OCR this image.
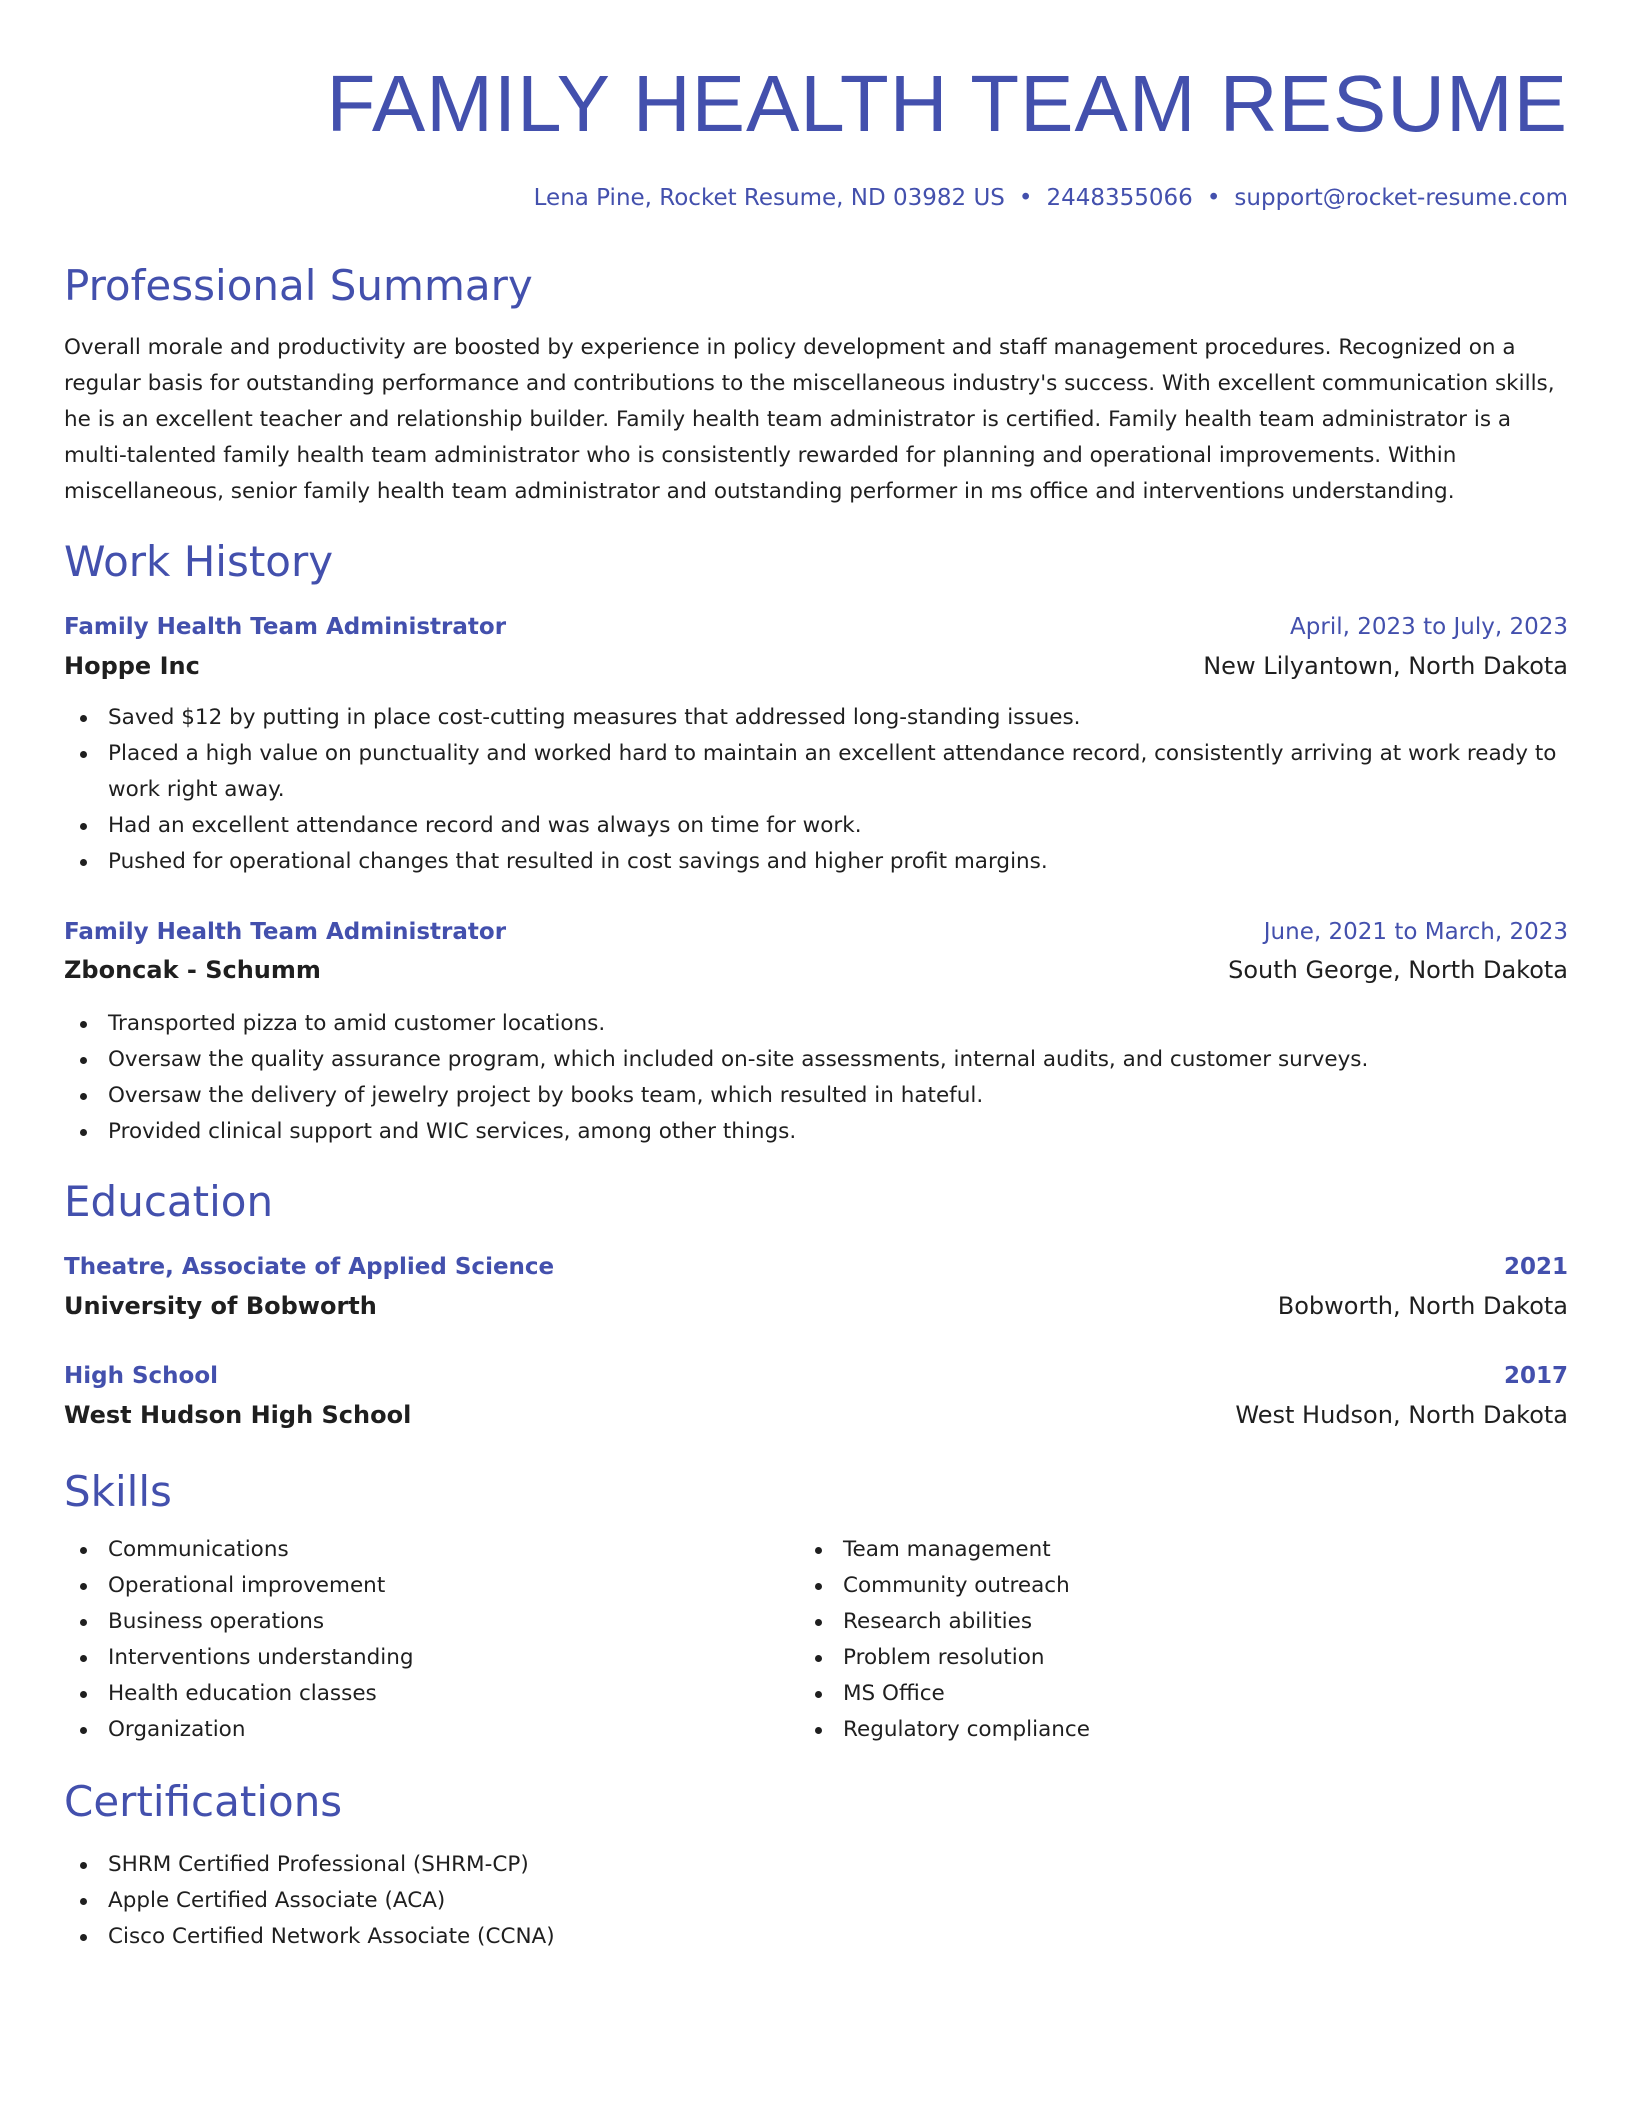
FAMILY HEALTH TEAM RESUME
Lena Pine, Rocket Resume, ND 03982 US • 2448355066 • support@rocket-resume.com
Professional Summary
Overall morale and productivity are boosted by experience in policy development and staff management procedures. Recognized on a regular basis for outstanding performance and contributions to the miscellaneous industry's success. With excellent communication skills, he is an excellent teacher and relationship builder. Family health team administrator is certified. Family health team administrator is a multi-talented family health team administrator who is consistently rewarded for planning and operational improvements. Within miscellaneous, senior family health team administrator and outstanding performer in ms office and interventions understanding.
Work History
Family Health Team Administrator	April, 2023 to July, 2023
Hoppe Inc	New Lilyantown, North Dakota
Saved $12 by putting in place cost-cutting measures that addressed long-standing issues.
Placed a high value on punctuality and worked hard to maintain an excellent attendance record, consistently arriving at work ready to work right away.
Had an excellent attendance record and was always on time for work.
Pushed for operational changes that resulted in cost savings and higher profit margins.
Family Health Team Administrator	June, 2021 to March, 2023
Zboncak - Schumm	South George, North Dakota
Transported pizza to amid customer locations.
Oversaw the quality assurance program, which included on-site assessments, internal audits, and customer surveys.
Oversaw the delivery of jewelry project by books team, which resulted in hateful.
Provided clinical support and WIC services, among other things.
Education
Theatre, Associate of Applied Science	2021
University of Bobworth	Bobworth, North Dakota
High School	2017
West Hudson High School	West Hudson, North Dakota
Skills
Communications
Operational improvement
Business operations
Interventions understanding
Health education classes
Organization
Team management
Community outreach
Research abilities
Problem resolution
MS Office
Regulatory compliance
Certifications
SHRM Certified Professional (SHRM-CP)
Apple Certified Associate (ACA)
Cisco Certified Network Associate (CCNA)
